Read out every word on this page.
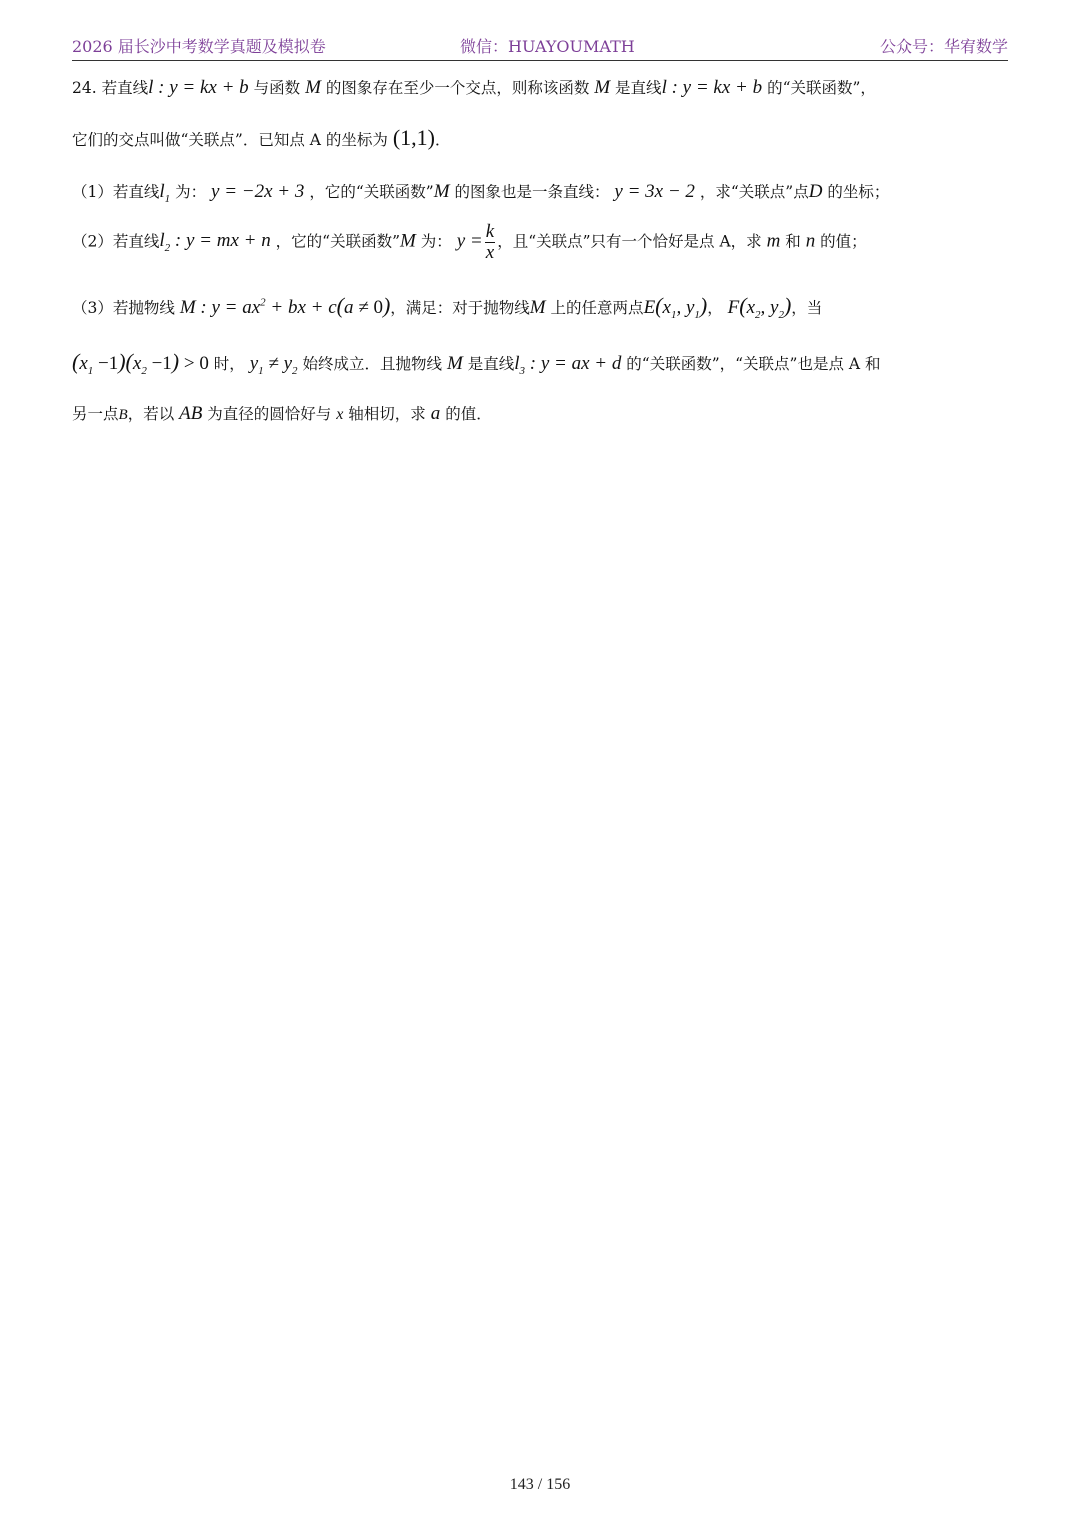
2026 届长沙中考数学真题及模拟卷	微信：HUAYOUMATH	公众号：华宥数学
24. 若直线l : y = kx + b 与函数 M 的图象存在至少一个交点，则称该函数 M 是直线l : y = kx + b 的“关联函数”，
它们的交点叫做“关联点”．已知点 A 的坐标为 (1,1)．
（1）若直线$l_1$ 为： y = −2x + 3 ，它的“关联函数”M 的图象也是一条直线： y = 3x − 2 ，求“关联点”点D 的坐标；
（2）若直线$l_2$ : y = mx + n ，它的“关联函数”M 为： $y = \frac{k}{x}$ ，且“关联点”只有一个恰好是点 A，求 m 和 n 的值；
（3）若抛物线 M : $y = ax^2$ + bx + c(a ≠ 0)，满足：对于抛物线M 上的任意两点$E(x_1$, $y_1$)， $F(x_2$, $y_2$)，当
$(x_1 -1)(x_2 -1) > 0$ 时， $y_1 \ne y_2$ 始终成立．且抛物线 M 是直线$l_3$ : y = ax + d 的“关联函数”，“关联点”也是点 A 和
另一点B，若以 AB 为直径的圆恰好与 x 轴相切，求 a 的值．
143 / 156
